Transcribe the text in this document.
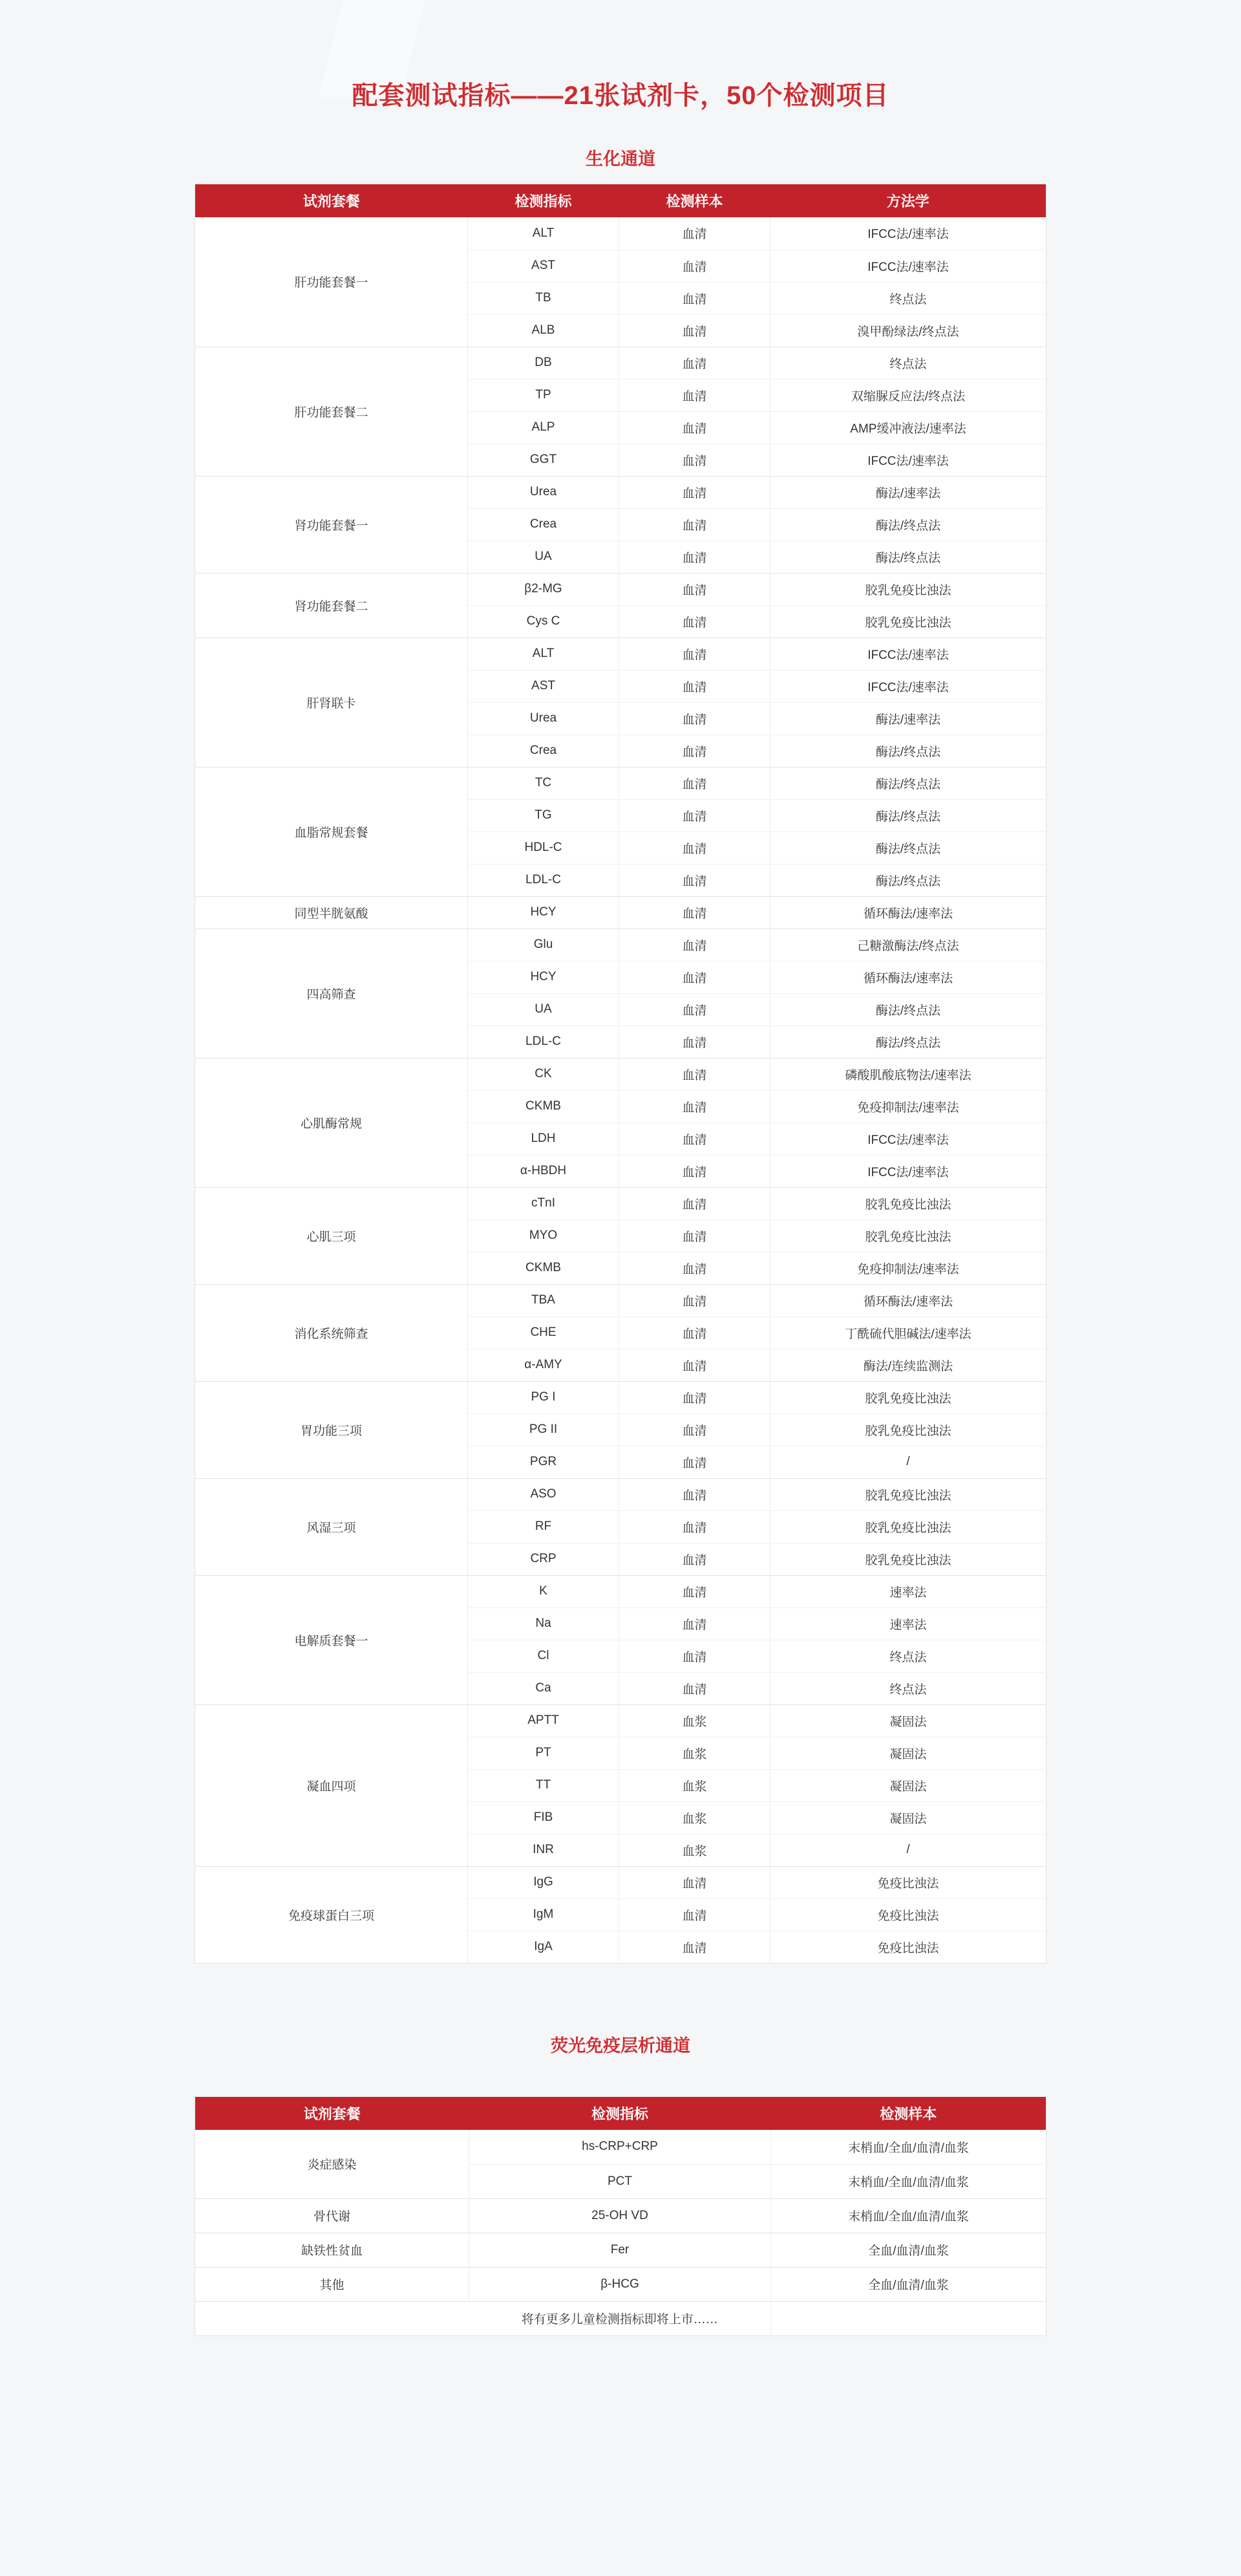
配套测试指标——21张试剂卡，50个检测项目
生化通道
试剂套餐	检测指标	检测样本	方法学
肝功能套餐一	ALT	血清	IFCC法/速率法
	AST	血清	IFCC法/速率法
	TB	血清	终点法
	ALB	血清	溴甲酚绿法/终点法
肝功能套餐二	DB	血清	终点法
	TP	血清	双缩脲反应法/终点法
	ALP	血清	AMP缓冲液法/速率法
	GGT	血清	IFCC法/速率法
肾功能套餐一	Urea	血清	酶法/速率法
	Crea	血清	酶法/终点法
	UA	血清	酶法/终点法
肾功能套餐二	β2-MG	血清	胶乳免疫比浊法
	Cys C	血清	胶乳免疫比浊法
肝肾联卡	ALT	血清	IFCC法/速率法
	AST	血清	IFCC法/速率法
	Urea	血清	酶法/速率法
	Crea	血清	酶法/终点法
血脂常规套餐	TC	血清	酶法/终点法
	TG	血清	酶法/终点法
	HDL-C	血清	酶法/终点法
	LDL-C	血清	酶法/终点法
同型半胱氨酸	HCY	血清	循环酶法/速率法
四高筛查	Glu	血清	己糖激酶法/终点法
	HCY	血清	循环酶法/速率法
	UA	血清	酶法/终点法
	LDL-C	血清	酶法/终点法
心肌酶常规	CK	血清	磷酸肌酸底物法/速率法
	CKMB	血清	免疫抑制法/速率法
	LDH	血清	IFCC法/速率法
	α-HBDH	血清	IFCC法/速率法
心肌三项	cTnI	血清	胶乳免疫比浊法
	MYO	血清	胶乳免疫比浊法
	CKMB	血清	免疫抑制法/速率法
消化系统筛查	TBA	血清	循环酶法/速率法
	CHE	血清	丁酰硫代胆碱法/速率法
	α-AMY	血清	酶法/连续监测法
胃功能三项	PG I	血清	胶乳免疫比浊法
	PG II	血清	胶乳免疫比浊法
	PGR	血清	/
风湿三项	ASO	血清	胶乳免疫比浊法
	RF	血清	胶乳免疫比浊法
	CRP	血清	胶乳免疫比浊法
电解质套餐一	K	血清	速率法
	Na	血清	速率法
	Cl	血清	终点法
	Ca	血清	终点法
凝血四项	APTT	血浆	凝固法
	PT	血浆	凝固法
	TT	血浆	凝固法
	FIB	血浆	凝固法
	INR	血浆	/
免疫球蛋白三项	IgG	血清	免疫比浊法
	IgM	血清	免疫比浊法
	IgA	血清	免疫比浊法
荧光免疫层析通道
试剂套餐	检测指标	检测样本
炎症感染	hs-CRP+CRP	末梢血/全血/血清/血浆
	PCT	末梢血/全血/血清/血浆
骨代谢	25-OH VD	末梢血/全血/血清/血浆
缺铁性贫血	Fer	全血/血清/血浆
其他	β-HCG	全血/血清/血浆
	将有更多儿童检测指标即将上市……	
